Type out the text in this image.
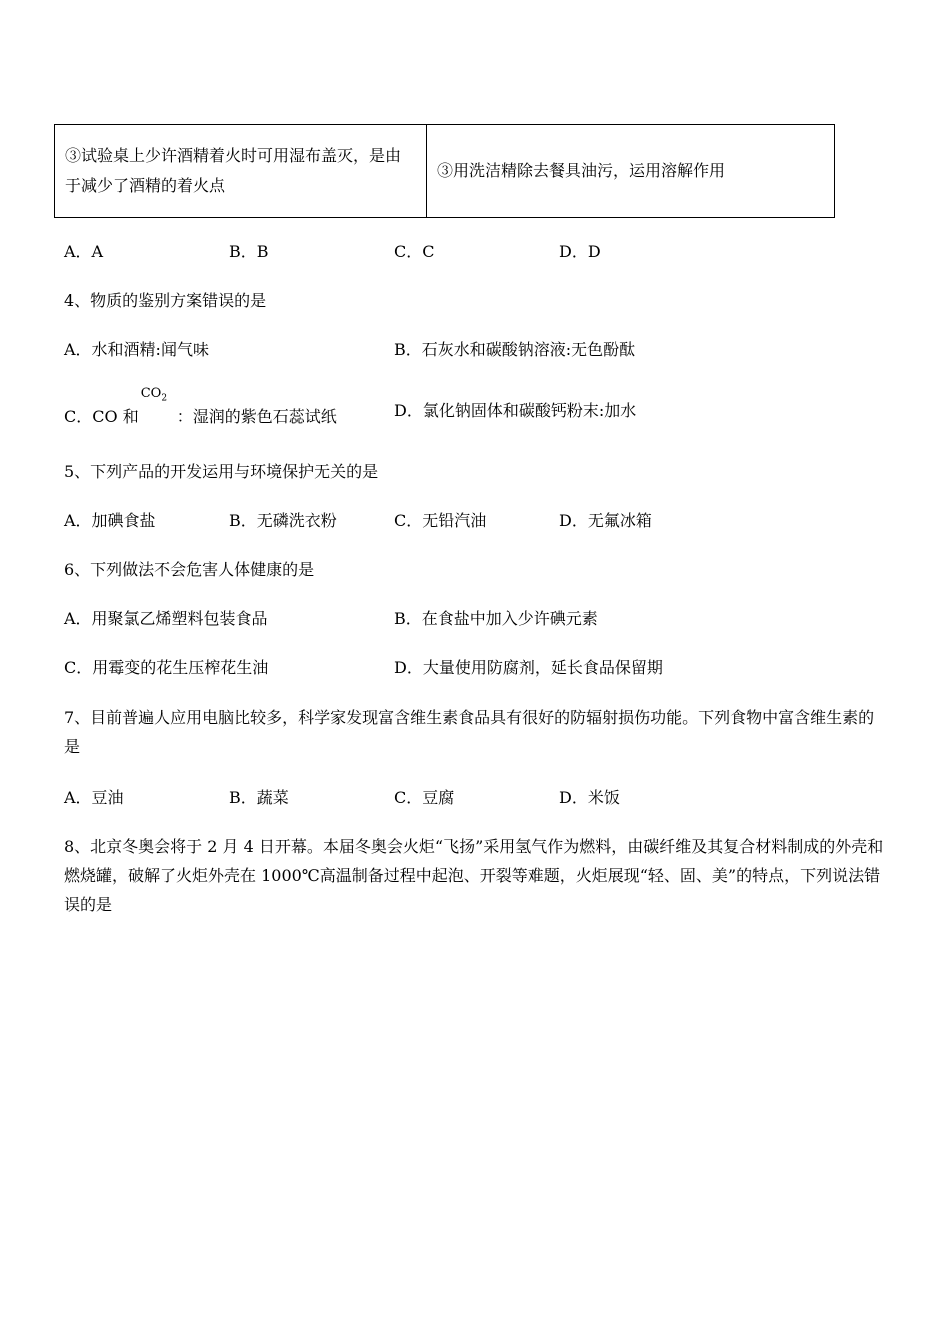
③试验桌上少许酒精着火时可用湿布盖灭，是由于减少了酒精的着火点	③用洗洁精除去餐具油污，运用溶解作用
A．A	B．B	C．C	D．D
4、物质的鉴别方案错误的是
A．水和酒精:闻气味	B．石灰水和碳酸钠溶液:无色酚酞
C．CO 和
$CO_2$
：湿润的紫色石蕊试纸	D．氯化钠固体和碳酸钙粉末:加水
5、下列产品的开发运用与环境保护无关的是
A．加碘食盐	B．无磷洗衣粉	C．无铅汽油	D．无氟冰箱
6、下列做法不会危害人体健康的是
A．用聚氯乙烯塑料包装食品	B．在食盐中加入少许碘元素
C．用霉变的花生压榨花生油	D．大量使用防腐剂，延长食品保留期
7、目前普遍人应用电脑比较多，科学家发现富含维生素食品具有很好的防辐射损伤功能。下列食物中富含维生素的是
A．豆油	B．蔬菜	C．豆腐	D．米饭
8、北京冬奥会将于 2 月 4 日开幕。本届冬奥会火炬“飞扬”采用氢气作为燃料，由碳纤维及其复合材料制成的外壳和燃烧罐，破解了火炬外壳在 1000℃高温制备过程中起泡、开裂等难题，火炬展现“轻、固、美”的特点，下列说法错误的是
